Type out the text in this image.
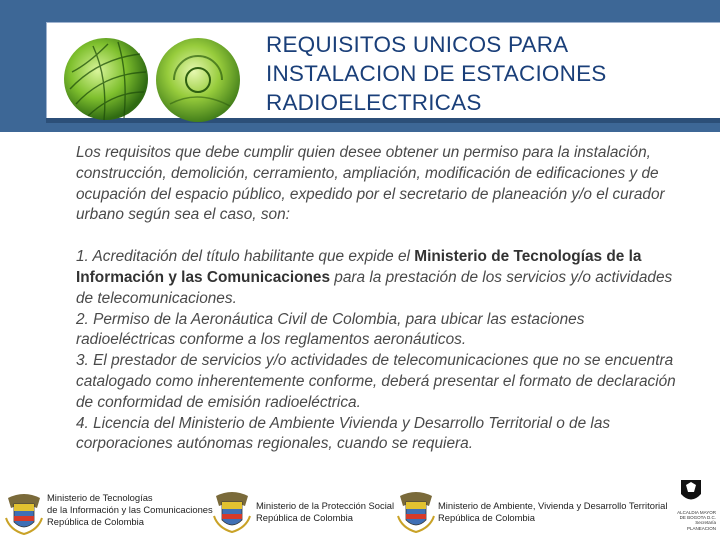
REQUISITOS UNICOS PARA
INSTALACION DE ESTACIONES
RADIOELECTRICAS

Los requisitos que debe cumplir quien desee obtener un permiso para la instalación, construcción, demolición, cerramiento, ampliación, modificación de edificaciones y de ocupación del espacio público, expedido por el secretario de planeación y/o el curador urbano según sea el caso, son:

1. Acreditación del título habilitante que expide el Ministerio de Tecnologías de la Información y las Comunicaciones para la prestación de los servicios y/o actividades de telecomunicaciones.

2. Permiso de la Aeronáutica Civil de Colombia, para ubicar las estaciones radioeléctricas conforme a los reglamentos aeronáuticos.

3. El prestador de servicios y/o actividades de telecomunicaciones que no se encuentra catalogado como inherentemente conforme, deberá presentar el formato de declaración de conformidad de emisión radioeléctrica.

4. Licencia del Ministerio de Ambiente Vivienda y Desarrollo Territorial o de las corporaciones autónomas regionales, cuando se requiera.

Ministerio de Tecnologías
de la Información y las Comunicaciones
República de Colombia
Ministerio de la Protección Social
República de Colombia
Ministerio de Ambiente, Vivienda y Desarrollo Territorial
República de Colombia	ALCALDIA MAYOR
DE BOGOTA D.C.
Secretaría
PLANEACION
